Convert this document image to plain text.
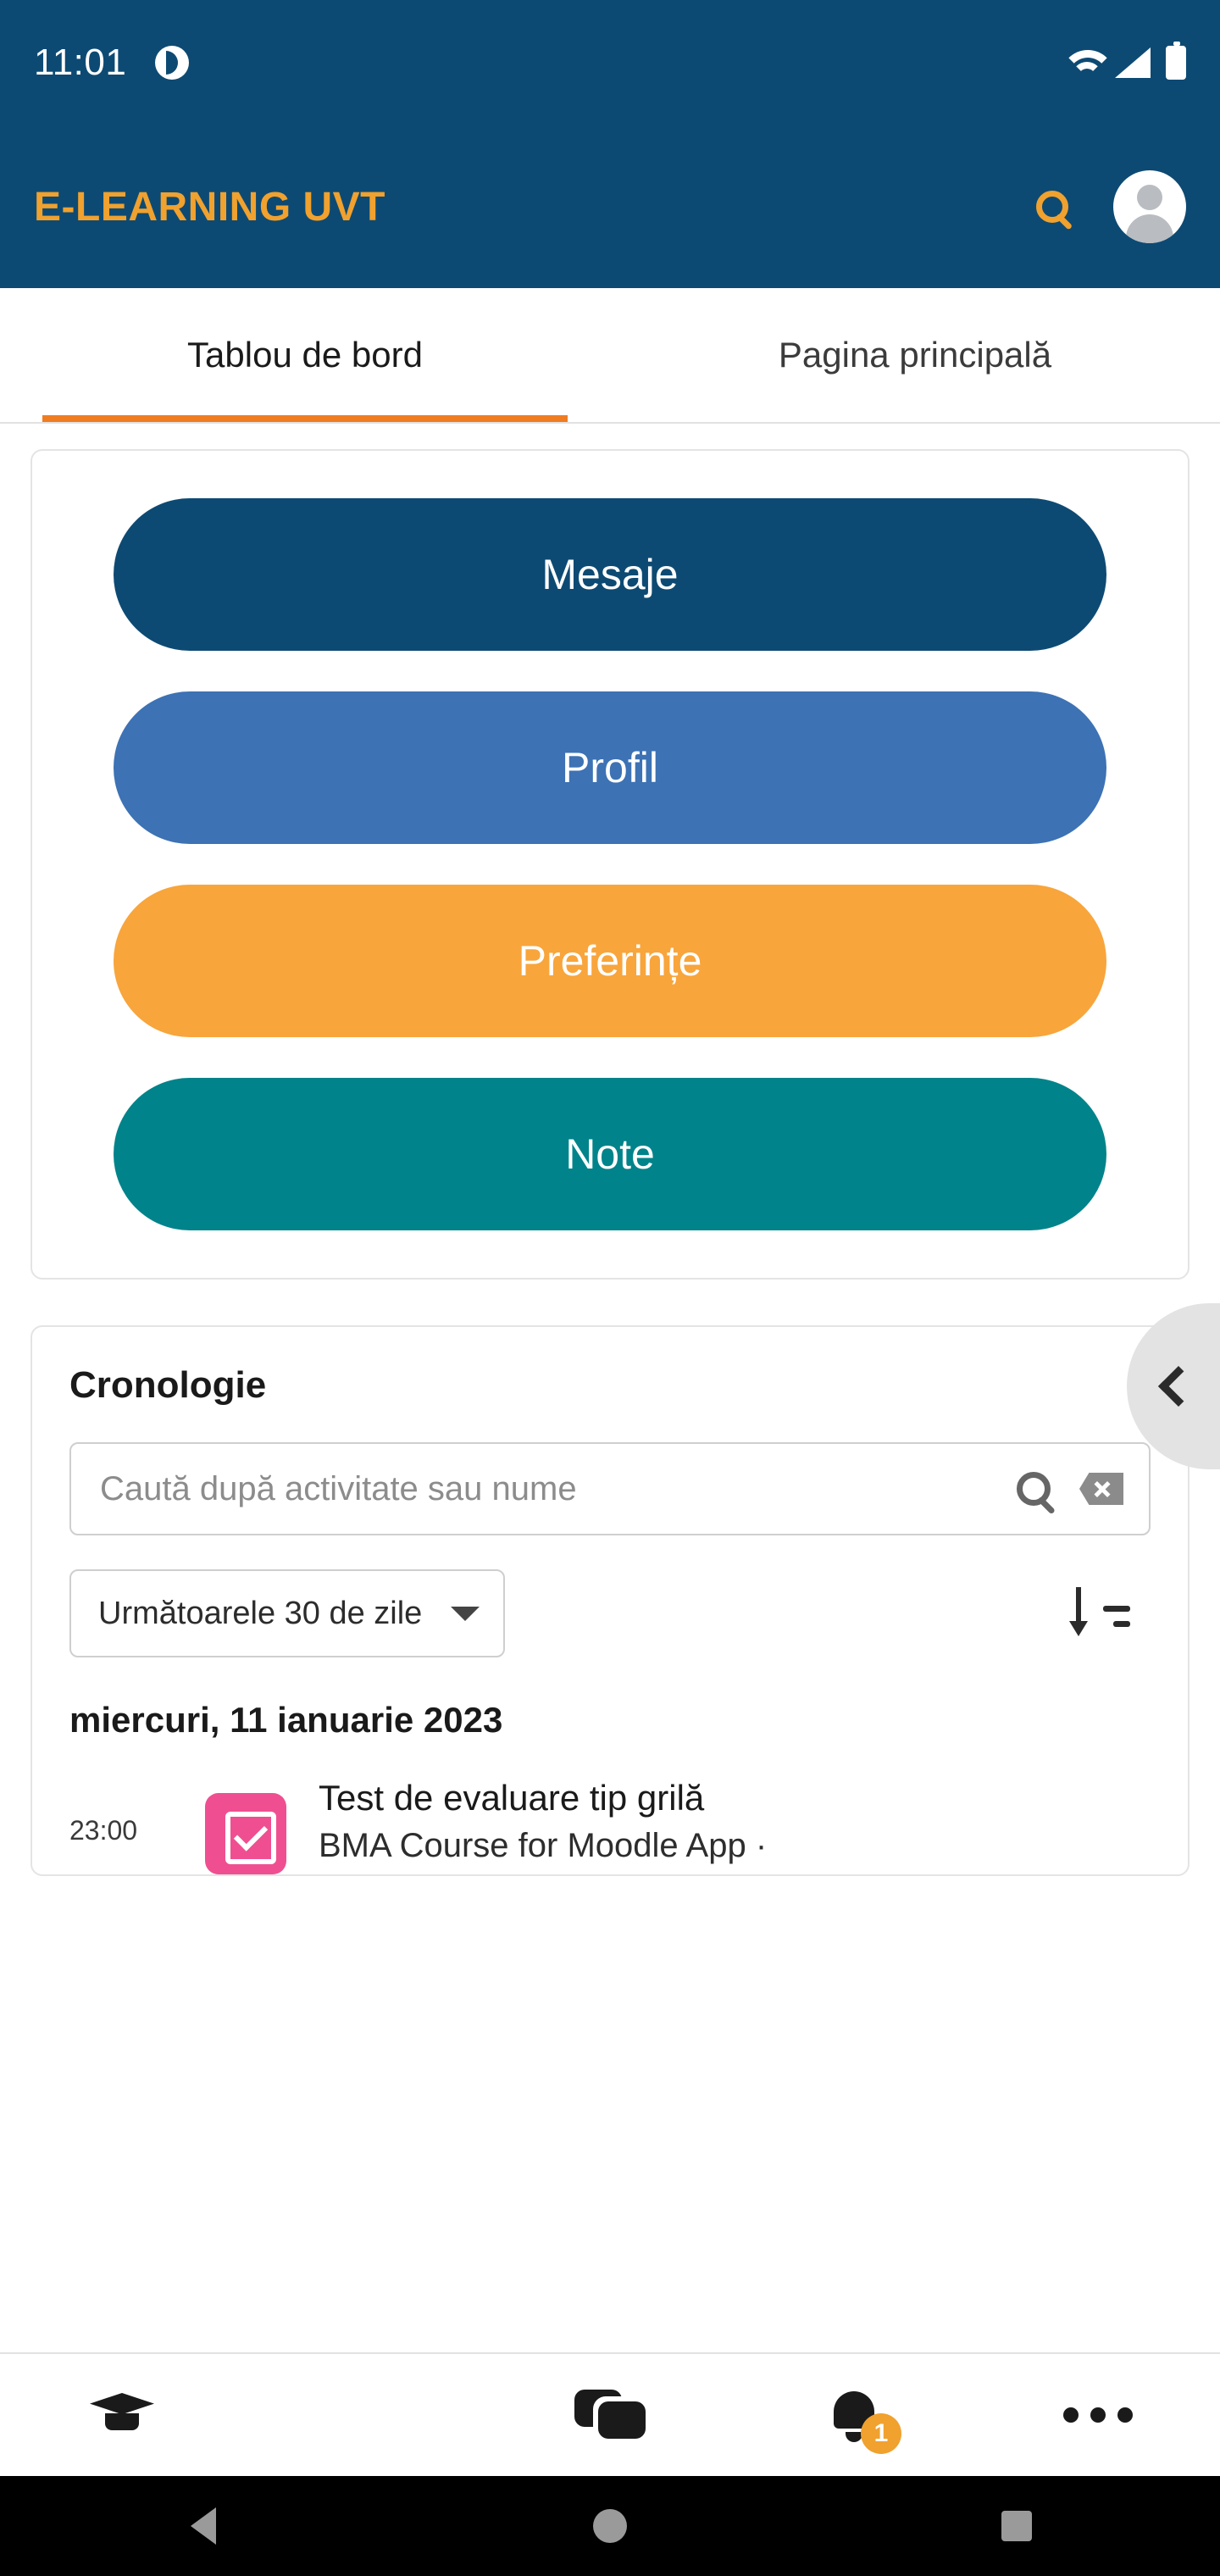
11:01
E-LEARNING UVT
Tablou de bord	Pagina principală
Mesaje
Profil
Preferințe
Note
Cronologie
Caută după activitate sau nume
Următoarele 30 de zile
miercuri, 11 ianuarie 2023
23:00
Test de evaluare tip grilă
BMA Course for Moodle App ·
1
